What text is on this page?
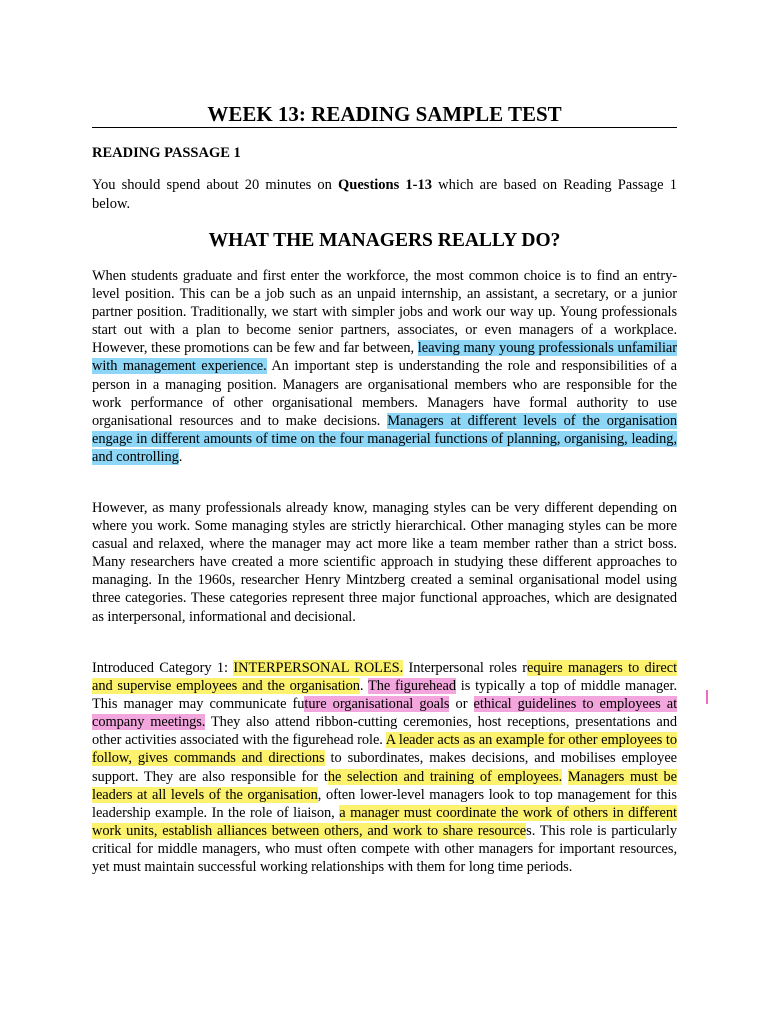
WEEK 13: READING SAMPLE TEST
READING PASSAGE 1
You should spend about 20 minutes on Questions 1-13 which are based on Reading Passage 1 below.
WHAT THE MANAGERS REALLY DO?
When students graduate and first enter the workforce, the most common choice is to find an entry-level position. This can be a job such as an unpaid internship, an assistant, a secretary, or a junior partner position. Traditionally, we start with simpler jobs and work our way up. Young professionals start out with a plan to become senior partners, associates, or even managers of a workplace. However, these promotions can be few and far between, leaving many young professionals unfamiliar with management experience. An important step is understanding the role and responsibilities of a person in a managing position. Managers are organisational members who are responsible for the work performance of other organisational members. Managers have formal authority to use organisational resources and to make decisions. Managers at different levels of the organisation engage in different amounts of time on the four managerial functions of planning, organising, leading, and controlling.
However, as many professionals already know, managing styles can be very different depending on where you work. Some managing styles are strictly hierarchical. Other managing styles can be more casual and relaxed, where the manager may act more like a team member rather than a strict boss. Many researchers have created a more scientific approach in studying these different approaches to managing. In the 1960s, researcher Henry Mintzberg created a seminal organisational model using three categories. These categories represent three major functional approaches, which are designated as interpersonal, informational and decisional.
Introduced Category 1: INTERPERSONAL ROLES. Interpersonal roles require managers to direct and supervise employees and the organisation. The figurehead is typically a top of middle manager. This manager may communicate future organisational goals or ethical guidelines to employees at company meetings. They also attend ribbon-cutting ceremonies, host receptions, presentations and other activities associated with the figurehead role. A leader acts as an example for other employees to follow, gives commands and directions to subordinates, makes decisions, and mobilises employee support. They are also responsible for the selection and training of employees. Managers must be leaders at all levels of the organisation, often lower-level managers look to top management for this leadership example. In the role of liaison, a manager must coordinate the work of others in different work units, establish alliances between others, and work to share resources. This role is particularly critical for middle managers, who must often compete with other managers for important resources, yet must maintain successful working relationships with them for long time periods.
